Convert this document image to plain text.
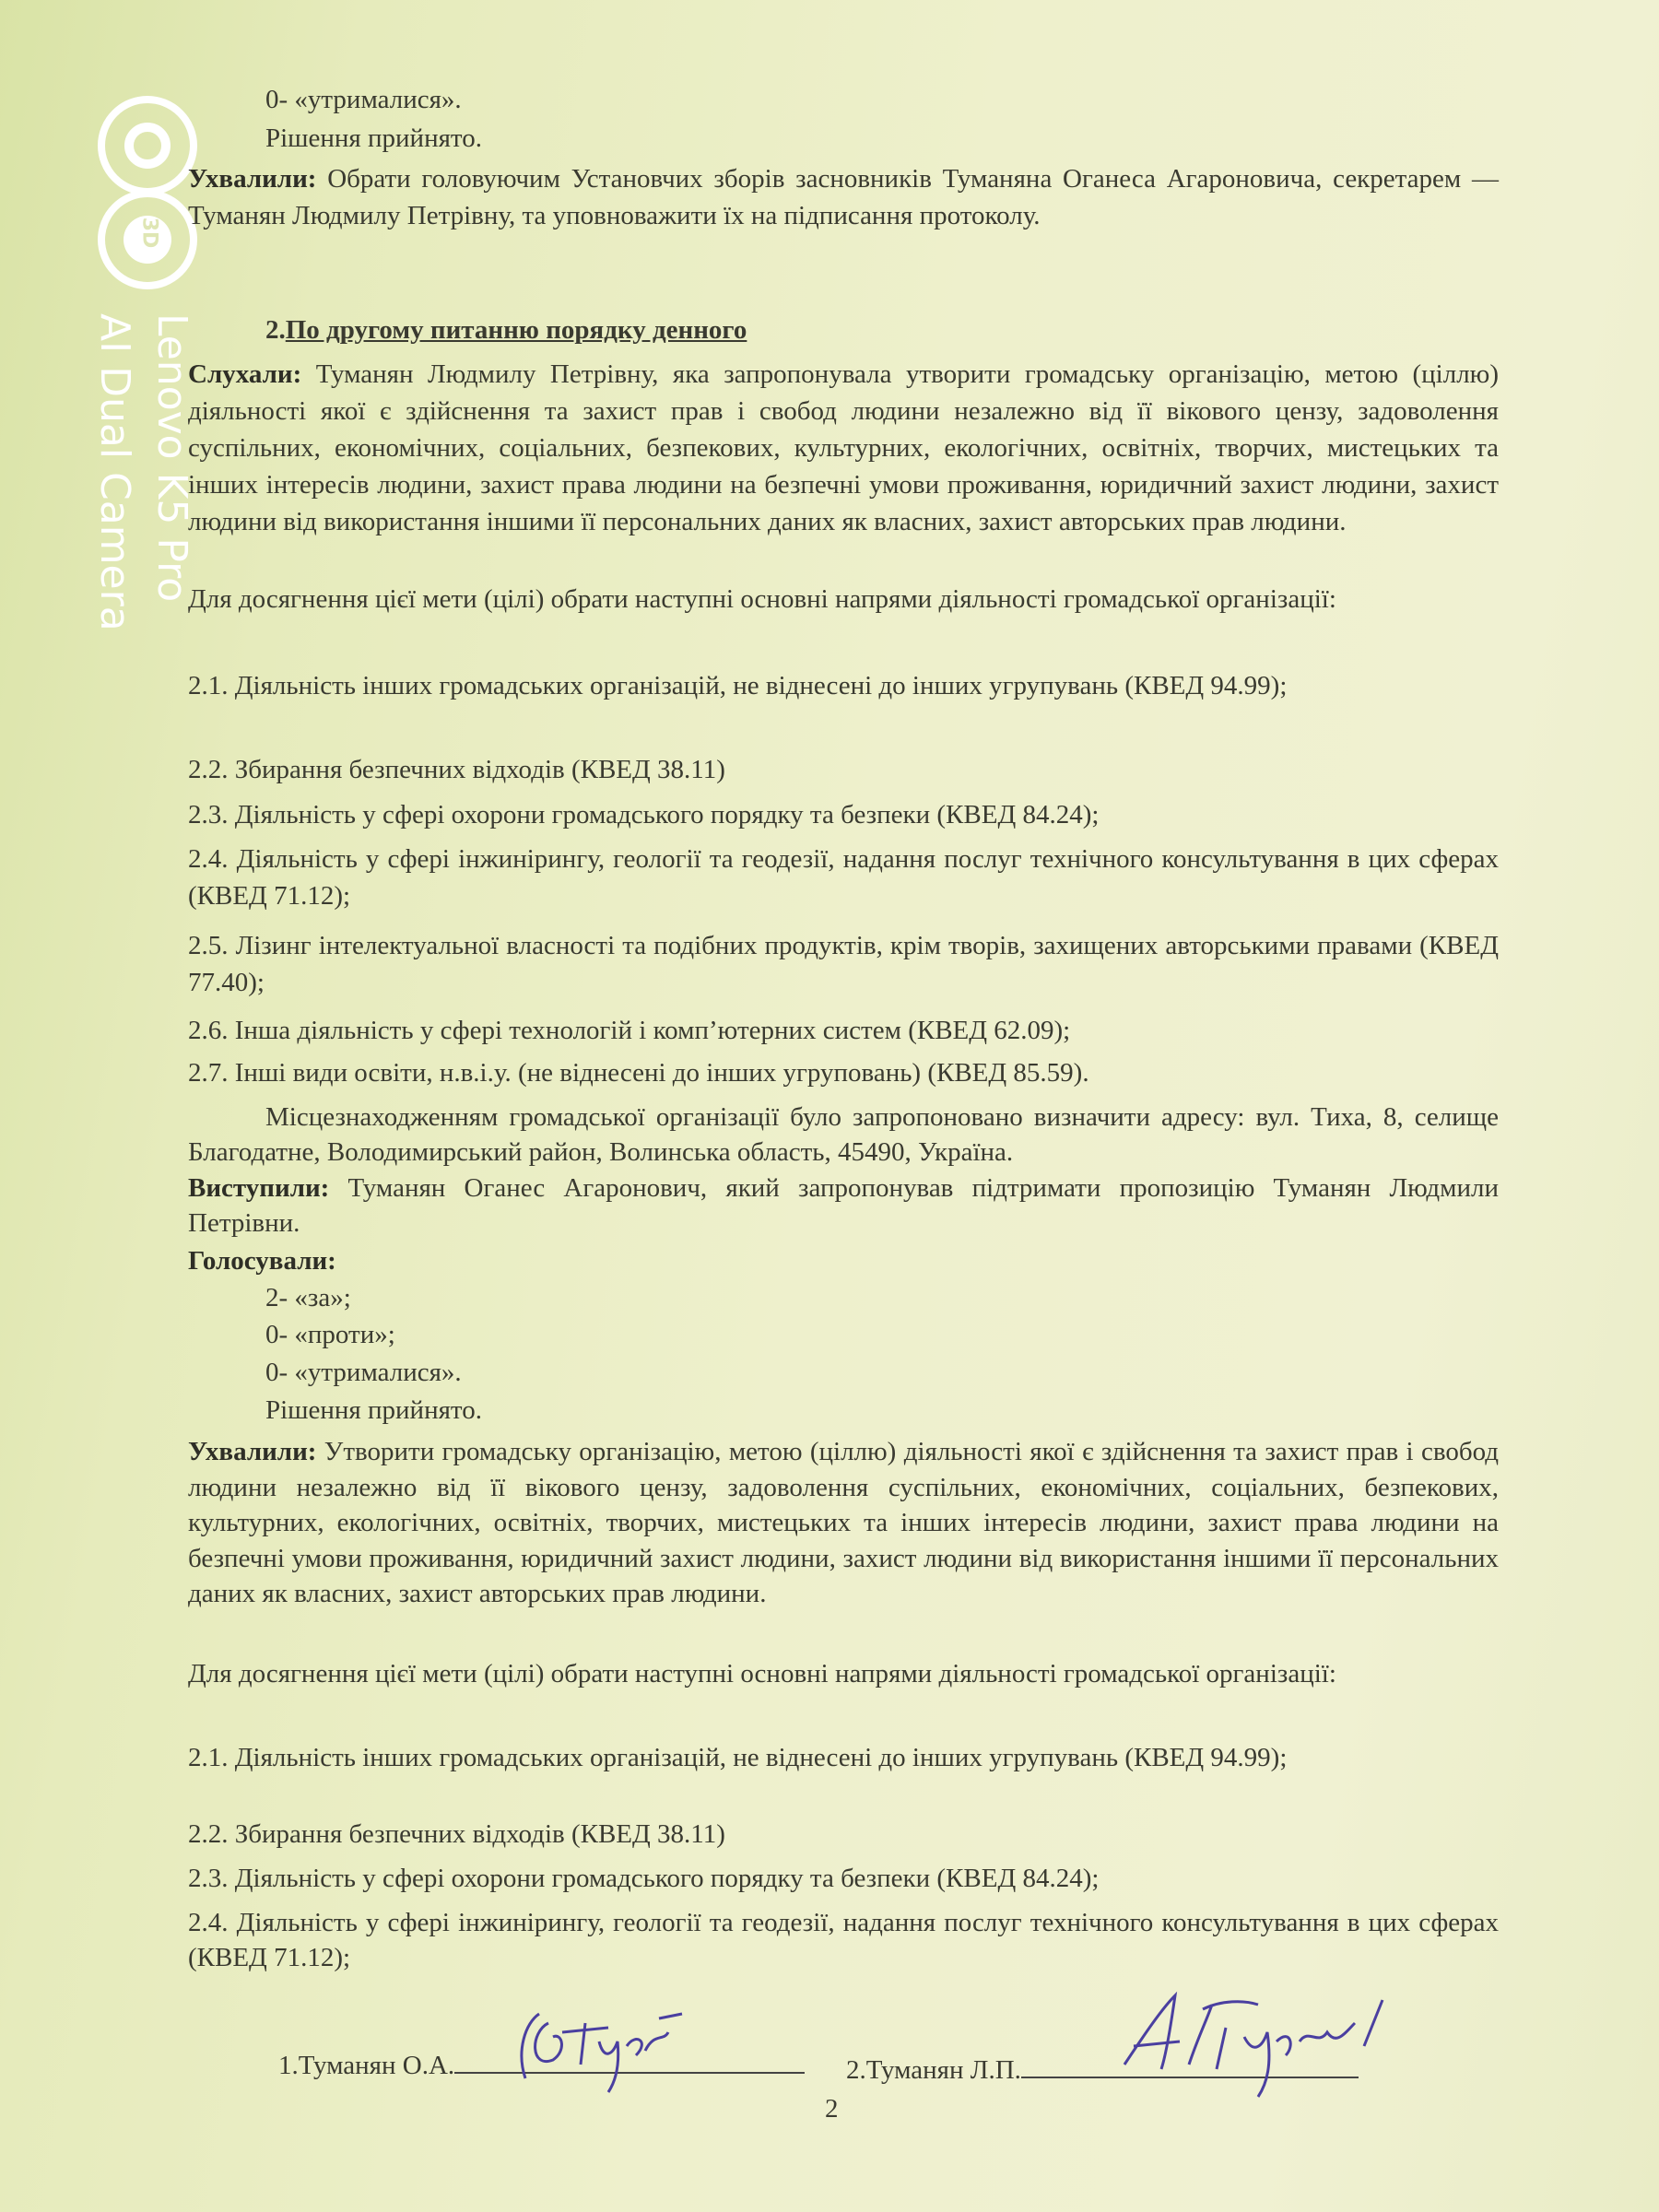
3D
Lenovo K5 Pro
AI Dual Camera
0- «утрималися».
Рішення прийнято.
Ухвалили: Обрати головуючим Установчих зборів засновників Туманяна Оганеса Агароновича, секретарем — Туманян Людмилу Петрівну, та уповноважити їх на підписання протоколу.
2.По другому питанню порядку денного
Слухали: Туманян Людмилу Петрівну, яка запропонувала утворити громадську організацію, метою (ціллю) діяльності якої є здійснення та захист прав і свобод людини незалежно від її вікового цензу, задоволення суспільних, економічних, соціальних, безпекових, культурних, екологічних, освітніх, творчих, мистецьких та інших інтересів людини, захист права людини на безпечні умови проживання, юридичний захист людини, захист людини від використання іншими її персональних даних як власних, захист авторських прав людини.
Для досягнення цієї мети (цілі) обрати наступні основні напрями діяльності громадської організації:
2.1. Діяльність інших громадських організацій, не віднесені до інших угрупувань (КВЕД 94.99);
2.2. Збирання безпечних відходів (КВЕД 38.11)
2.3. Діяльність у сфері охорони громадського порядку та безпеки (КВЕД 84.24);
2.4. Діяльність у сфері інжинірингу, геології та геодезії, надання послуг технічного консультування в цих сферах (КВЕД 71.12);
2.5. Лізинг інтелектуальної власності та подібних продуктів, крім творів, захищених авторськими правами (КВЕД 77.40);
2.6. Інша діяльність у сфері технологій і комп’ютерних систем (КВЕД 62.09);
2.7. Інші види освіти, н.в.і.у. (не віднесені до інших угруповань) (КВЕД 85.59).
Місцезнаходженням громадської організації було запропоновано визначити адресу: вул. Тиха, 8, селище Благодатне, Володимирський район, Волинська область, 45490, Україна.
Виступили: Туманян Оганес Агаронович, який запропонував підтримати пропозицію Туманян Людмили Петрівни.
Голосували:
2- «за»;
0- «проти»;
0- «утрималися».
Рішення прийнято.
Ухвалили: Утворити громадську організацію, метою (ціллю) діяльності якої є здійснення та захист прав і свобод людини незалежно від її вікового цензу, задоволення суспільних, економічних, соціальних, безпекових, культурних, екологічних, освітніх, творчих, мистецьких та інших інтересів людини, захист права людини на безпечні умови проживання, юридичний захист людини, захист людини від використання іншими її персональних даних як власних, захист авторських прав людини.
Для досягнення цієї мети (цілі) обрати наступні основні напрями діяльності громадської організації:
2.1. Діяльність інших громадських організацій, не віднесені до інших угрупувань (КВЕД 94.99);
2.2. Збирання безпечних відходів (КВЕД 38.11)
2.3. Діяльність у сфері охорони громадського порядку та безпеки (КВЕД 84.24);
2.4. Діяльність у сфері інжинірингу, геології та геодезії, надання послуг технічного консультування в цих сферах (КВЕД 71.12);
1.Туманян О.А.	2.Туманян Л.П.
2
